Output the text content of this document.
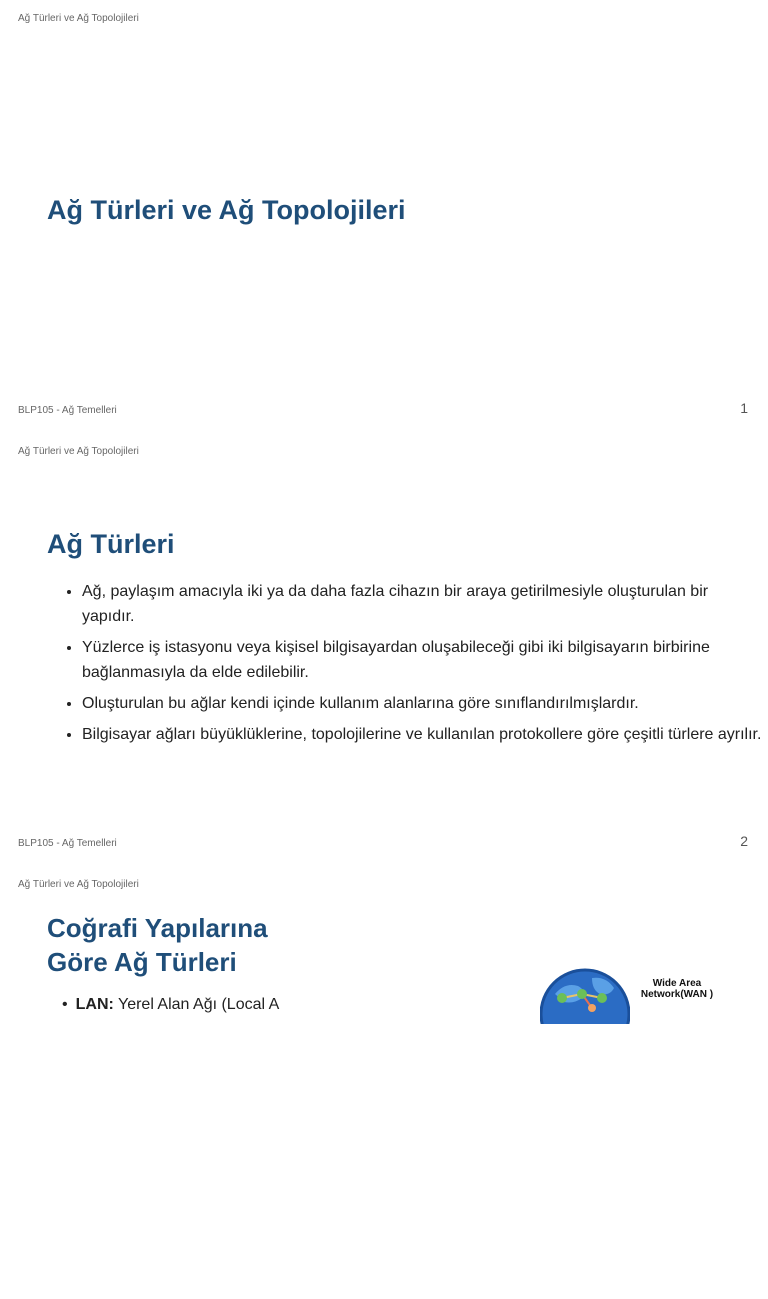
Ağ Türleri ve Ağ Topolojileri
Ağ Türleri ve Ağ Topolojileri
BLP105 - Ağ Temelleri	1
Ağ Türleri ve Ağ Topolojileri
Ağ Türleri
• Ağ, paylaşım amacıyla iki ya da daha fazla cihazın bir araya getirilmesiyle oluşturulan bir yapıdır.
• Yüzlerce iş istasyonu veya kişisel bilgisayardan oluşabileceği gibi iki bilgisayarın birbirine bağlanmasıyla da elde edilebilir.
• Oluşturulan bu ağlar kendi içinde kullanım alanlarına göre sınıflandırılmışlardır.
• Bilgisayar ağları büyüklüklerine, topolojilerine ve kullanılan protokollere göre çeşitli türlere ayrılır.
BLP105 - Ağ Temelleri	2
Ağ Türleri ve Ağ Topolojileri
Coğrafi Yapılarına
Göre Ağ Türleri
• LAN: Yerel Alan Ağı (Local A
Wide Area
Network(WAN )
